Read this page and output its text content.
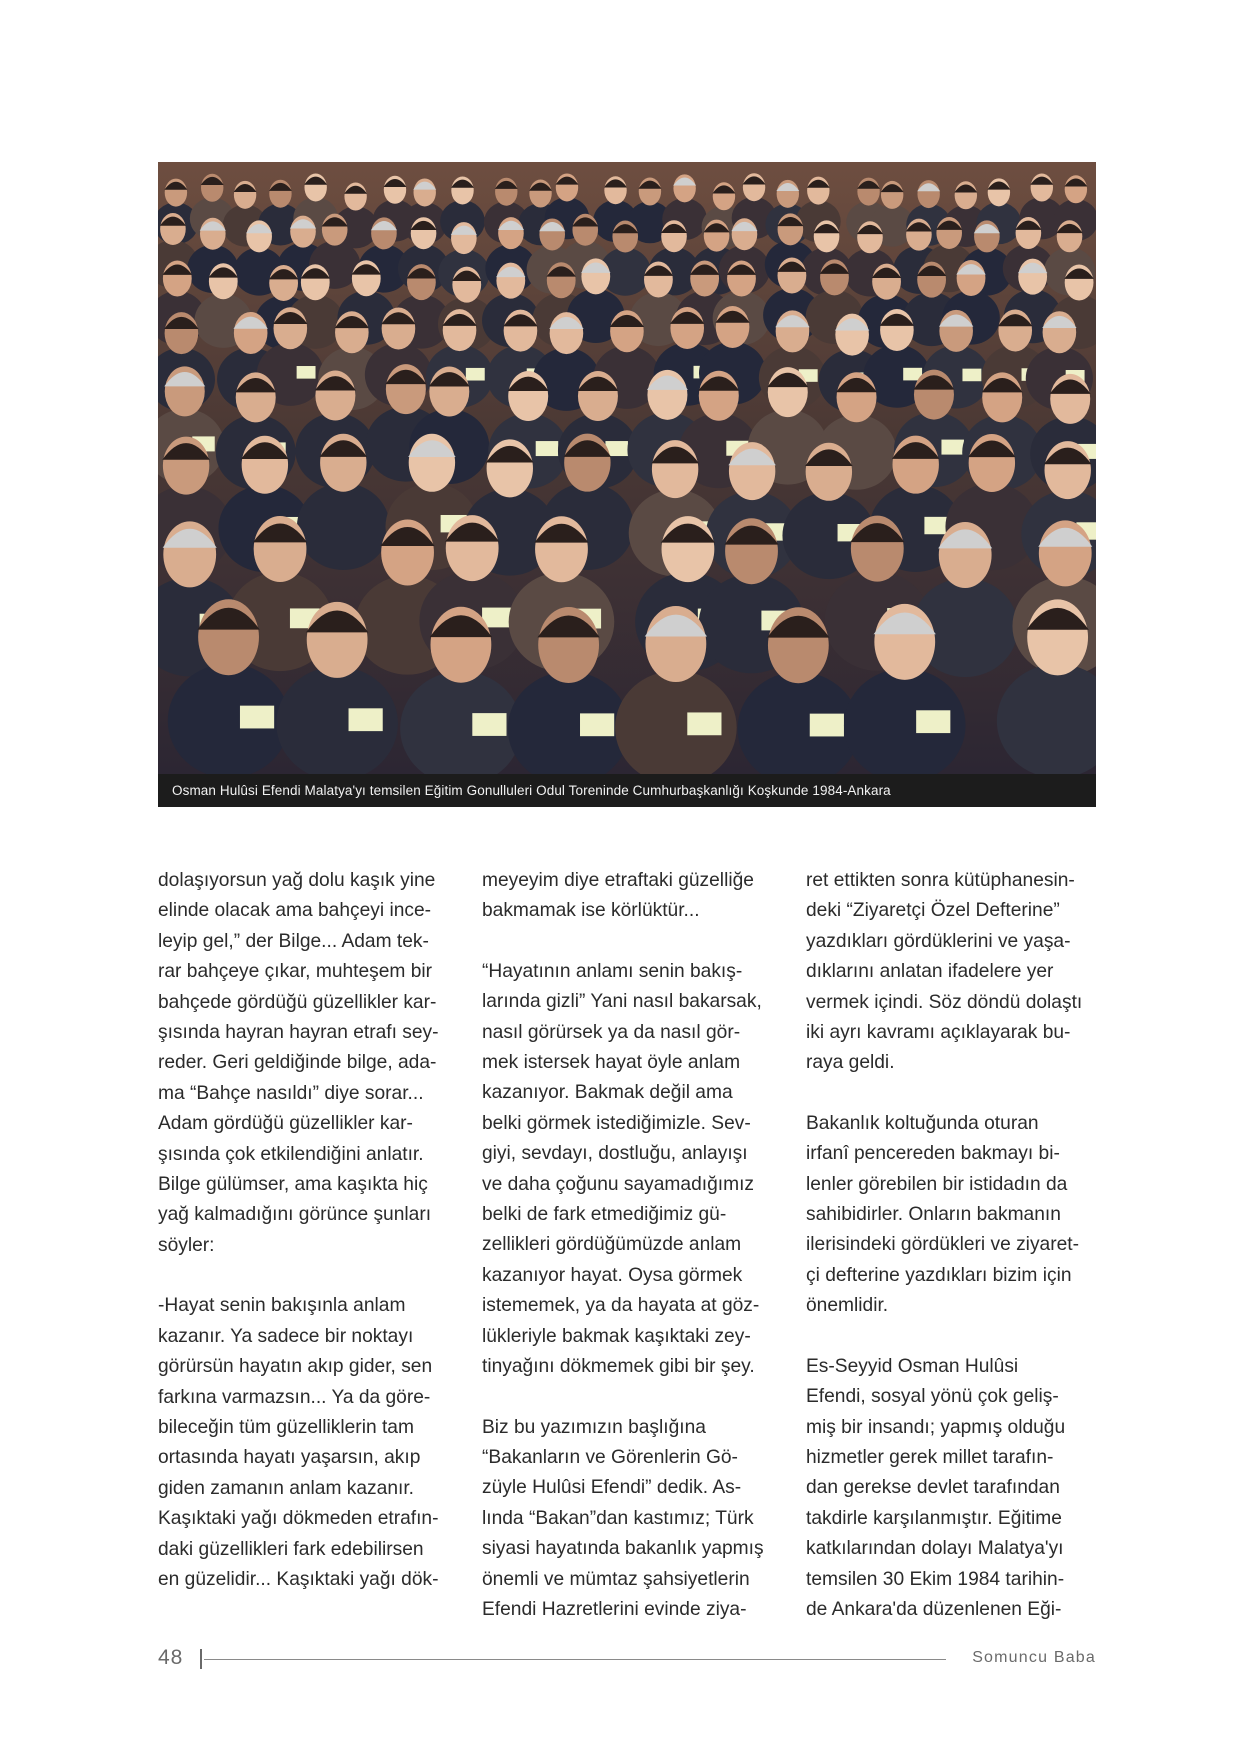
Osman Hulûsi Efendi Malatya'yı temsilen Eğitim Gonulluleri Odul Toreninde Cumhurbaşkanlığı Koşkunde 1984-Ankara

dolaşıyorsun yağ dolu kaşık yine
elinde olacak ama bahçeyi ince-
leyip gel,” der Bilge... Adam tek-
rar bahçeye çıkar, muhteşem bir
bahçede gördüğü güzellikler kar-
şısında hayran hayran etrafı sey-
reder. Geri geldiğinde bilge, ada-
ma “Bahçe nasıldı” diye sorar...
Adam gördüğü güzellikler kar-
şısında çok etkilendiğini anlatır.
Bilge gülümser, ama kaşıkta hiç
yağ kalmadığını görünce şunları
söyler:

-Hayat senin bakışınla anlam
kazanır. Ya sadece bir noktayı
görürsün hayatın akıp gider, sen
farkına varmazsın... Ya da göre-
bileceğin tüm güzelliklerin tam
ortasında hayatı yaşarsın, akıp
giden zamanın anlam kazanır.
Kaşıktaki yağı dökmeden etrafın-
daki güzellikleri fark edebilirsen
en güzelidir... Kaşıktaki yağı dök-

meyeyim diye etraftaki güzelliğe
bakmamak ise körlüktür...

“Hayatının anlamı senin bakış-
larında gizli” Yani nasıl bakarsak,
nasıl görürsek ya da nasıl gör-
mek istersek hayat öyle anlam
kazanıyor. Bakmak değil ama
belki görmek istediğimizle. Sev-
giyi, sevdayı, dostluğu, anlayışı
ve daha çoğunu sayamadığımız
belki de fark etmediğimiz gü-
zellikleri gördüğümüzde anlam
kazanıyor hayat. Oysa görmek
istememek, ya da hayata at göz-
lükleriyle bakmak kaşıktaki zey-
tinyağını dökmemek gibi bir şey.

Biz bu yazımızın başlığına
“Bakanların ve Görenlerin Gö-
züyle Hulûsi Efendi” dedik. As-
lında “Bakan”dan kastımız; Türk
siyasi hayatında bakanlık yapmış
önemli ve mümtaz şahsiyetlerin
Efendi Hazretlerini evinde ziya-

ret ettikten sonra kütüphanesin-
deki “Ziyaretçi Özel Defterine”
yazdıkları gördüklerini ve yaşa-
dıklarını anlatan ifadelere yer
vermek içindi. Söz döndü dolaştı
iki ayrı kavramı açıklayarak bu-
raya geldi.

Bakanlık koltuğunda oturan
irfanî pencereden bakmayı bi-
lenler görebilen bir istidadın da
sahibidirler. Onların bakmanın
ilerisindeki gördükleri ve ziyaret-
çi defterine yazdıkları bizim için
önemlidir.

Es-Seyyid Osman Hulûsi
Efendi, sosyal yönü çok geliş-
miş bir insandı; yapmış olduğu
hizmetler gerek millet tarafın-
dan gerekse devlet tarafından
takdirle karşılanmıştır. Eğitime
katkılarından dolayı Malatya'yı
temsilen 30 Ekim 1984 tarihin-
de Ankara'da düzenlenen Eği-

48	Somuncu Baba
